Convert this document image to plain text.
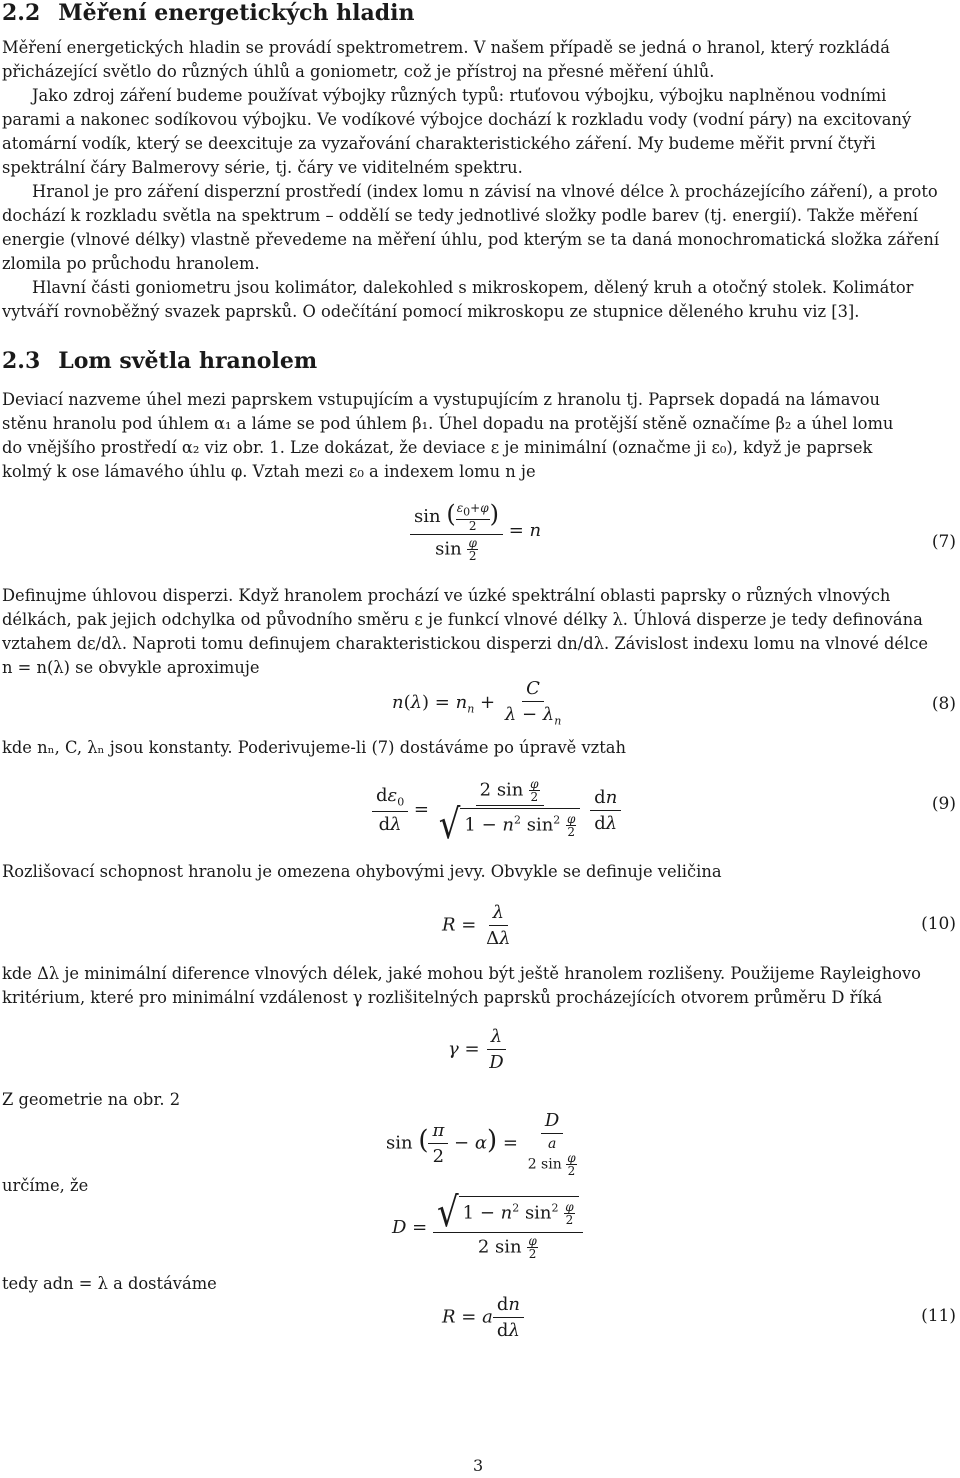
2.2 Měření energetických hladin

Měření energetických hladin se provádí spektrometrem. V našem případě se jedná o hranol, který rozkládá
přicházející světlo do různých úhlů a goniometr, což je přístroj na přesné měření úhlů.

Jako zdroj záření budeme používat výbojky různých typů: rtuťovou výbojku, výbojku naplněnou vodními
parami a nakonec sodíkovou výbojku. Ve vodíkové výbojce dochází k rozkladu vody (vodní páry) na excitovaný
atomární vodík, který se deexcituje za vyzařování charakteristického záření. My budeme měřit první čtyři
spektrální čáry Balmerovy série, tj. čáry ve viditelném spektru.

Hranol je pro záření disperzní prostředí (index lomu n závisí na vlnové délce λ procházejícího záření), a proto
dochází k rozkladu světla na spektrum – oddělí se tedy jednotlivé složky podle barev (tj. energií). Takže měření
energie (vlnové délky) vlastně převedeme na měření úhlu, pod kterým se ta daná monochromatická složka záření
zlomila po průchodu hranolem.

Hlavní části goniometru jsou kolimátor, dalekohled s mikroskopem, dělený kruh a otočný stolek. Kolimátor
vytváří rovnoběžný svazek paprsků. O odečítání pomocí mikroskopu ze stupnice děleného kruhu viz [3].

2.3 Lom světla hranolem

Deviací nazveme úhel mezi paprskem vstupujícím a vystupujícím z hranolu tj. Paprsek dopadá na lámavou
stěnu hranolu pod úhlem α₁ a láme se pod úhlem β₁. Úhel dopadu na protější stěně označíme β₂ a úhel lomu
do vnějšího prostředí α₂ viz obr. 1. Lze dokázat, že deviace ε je minimální (označme ji ε₀), když je paprsek
kolmý k ose lámavého úhlu φ. Vztah mezi ε₀ a indexem lomu n je

$\frac{\sin ( \frac{\varepsilon_0+\varphi}{2} )}{\sin \frac{\varphi}{2}} = n$
(7)

Definujme úhlovou disperzi. Když hranolem prochází ve úzké spektrální oblasti paprsky o různých vlnových
délkách, pak jejich odchylka od původního směru ε je funkcí vlnové délky λ. Úhlová disperze je tedy definována
vztahem dε/dλ. Naproti tomu definujem charakteristickou disperzi dn/dλ. Závislost indexu lomu na vlnové délce
n = n(λ) se obvykle aproximuje

$n(\lambda) = n_n + \frac{C}{\lambda - \lambda_n}$	(8)

kde nₙ, C, λₙ jsou konstanty. Poderivujeme-li (7) dostáváme po úpravě vztah

$\frac{d\varepsilon_0}{d\lambda} = \frac{2 \sin \frac{\varphi}{2}}{√ 1 - n^2 \sin^2 \frac{\varphi}{2}}$
$\frac{dn}{d\lambda}$	(9)

Rozlišovací schopnost hranolu je omezena ohybovými jevy. Obvykle se definuje veličina

$R = \frac{\lambda}{\Delta\lambda}$	(10)

kde Δλ je minimální diference vlnových délek, jaké mohou být ještě hranolem rozlišeny. Použijeme Rayleighovo
kritérium, které pro minimální vzdálenost γ rozlišitelných paprsků procházejících otvorem průměru D říká

$\gamma = \frac{\lambda}{D}$

Z geometrie na obr. 2

sin ( $\frac{\pi}{2} - \alpha$) =
D
a
2 $\sin \frac{\varphi}{2}$

určíme, že

$D = \frac{√ 1 - n^2 \sin^2 \frac{\varphi}{2}}{2 \sin \frac{\varphi}{2}}$

tedy adn = λ a dostáváme

R = a $\frac{dn}{d\lambda}$	(11)
3
